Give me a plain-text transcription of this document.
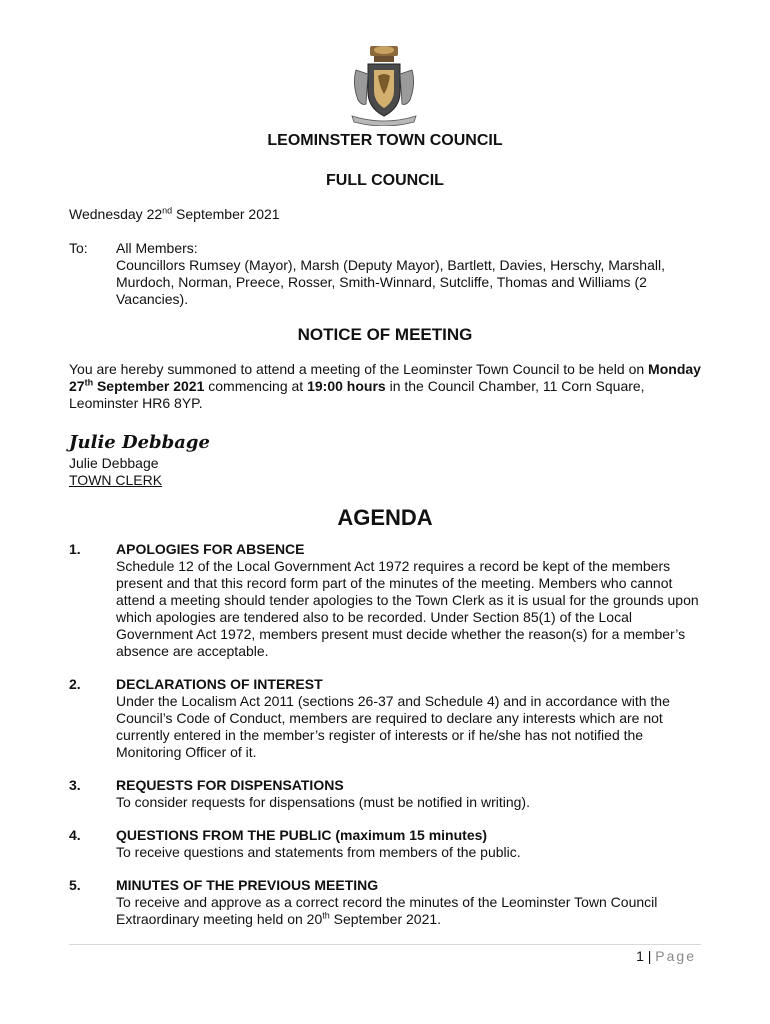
LEOMINSTER TOWN COUNCIL
FULL COUNCIL
Wednesday 22nd September 2021
To: All Members:
Councillors Rumsey (Mayor), Marsh (Deputy Mayor), Bartlett, Davies, Herschy, Marshall, Murdoch, Norman, Preece, Rosser, Smith-Winnard, Sutcliffe, Thomas and Williams (2 Vacancies).
NOTICE OF MEETING
You are hereby summoned to attend a meeting of the Leominster Town Council to be held on Monday 27th September 2021 commencing at 19:00 hours in the Council Chamber, 11 Corn Square, Leominster HR6 8YP.
Julie Debbage
Julie Debbage
TOWN CLERK
AGENDA
1.	APOLOGIES FOR ABSENCE
Schedule 12 of the Local Government Act 1972 requires a record be kept of the members present and that this record form part of the minutes of the meeting. Members who cannot attend a meeting should tender apologies to the Town Clerk as it is usual for the grounds upon which apologies are tendered also to be recorded. Under Section 85(1) of the Local Government Act 1972, members present must decide whether the reason(s) for a member’s absence are acceptable.
2.	DECLARATIONS OF INTEREST
Under the Localism Act 2011 (sections 26-37 and Schedule 4) and in accordance with the Council’s Code of Conduct, members are required to declare any interests which are not currently entered in the member’s register of interests or if he/she has not notified the Monitoring Officer of it.
3.	REQUESTS FOR DISPENSATIONS
To consider requests for dispensations (must be notified in writing).
4.	QUESTIONS FROM THE PUBLIC (maximum 15 minutes)
To receive questions and statements from members of the public.
5.	MINUTES OF THE PREVIOUS MEETING
To receive and approve as a correct record the minutes of the Leominster Town Council Extraordinary meeting held on 20th September 2021.
1 | Page
